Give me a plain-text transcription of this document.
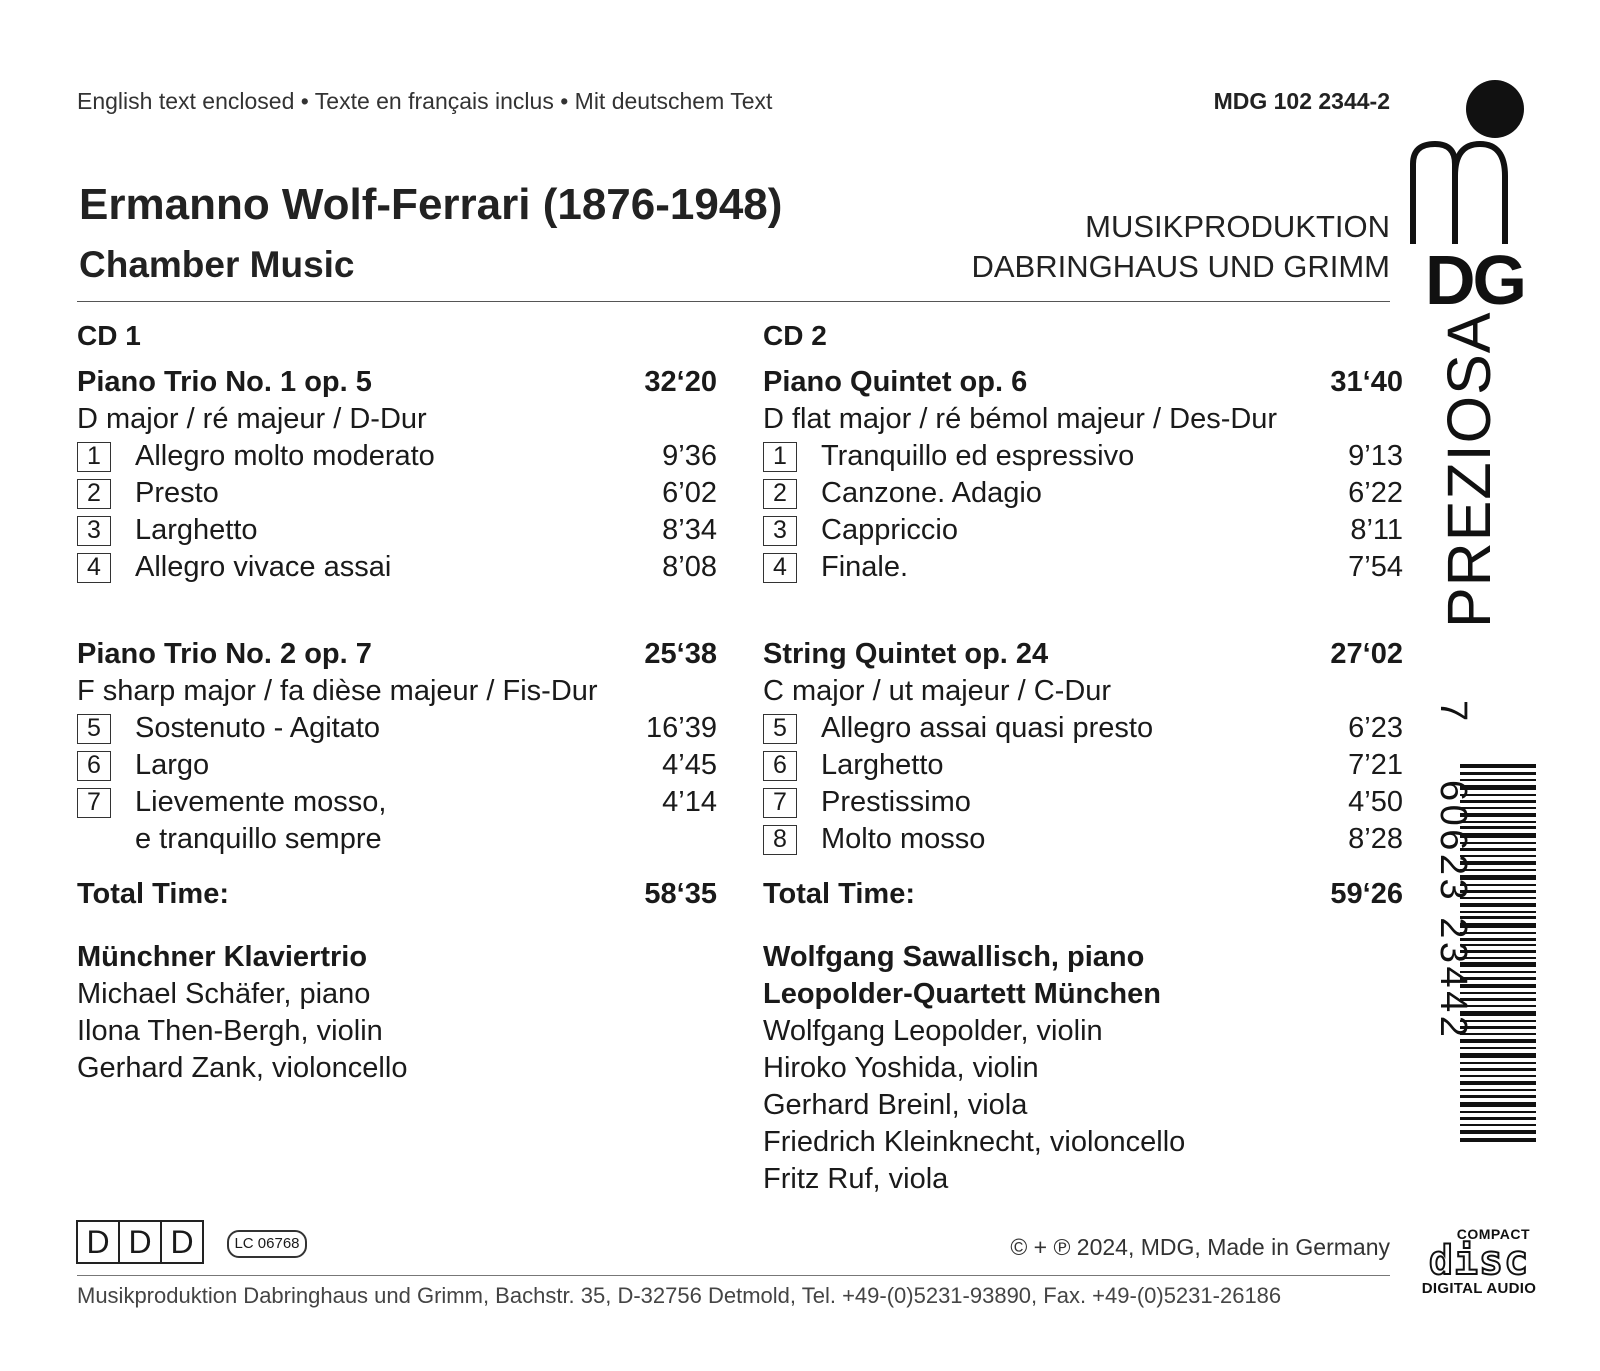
English text enclosed • Texte en français inclus • Mit deutschem Text	MDG 102 2344-2
Ermanno Wolf-Ferrari (1876-1948)
Chamber Music
MUSIKPRODUKTION
DABRINGHAUS UND GRIMM
CD 1
Piano Trio No. 1 op. 5	32‘20
D major / ré majeur / D-Dur
1	Allegro molto moderato	9’36
2	Presto	6’02
3	Larghetto	8’34
4	Allegro vivace assai	8’08
Piano Trio No. 2 op. 7	25‘38
F sharp major / fa dièse majeur / Fis-Dur
5	Sostenuto - Agitato	16’39
6	Largo	4’45
7	Lievemente mosso,	4’14
e tranquillo sempre
Total Time:	58‘35
Münchner Klaviertrio
Michael Schäfer, piano
Ilona Then-Bergh, violin
Gerhard Zank, violoncello
CD 2
Piano Quintet op. 6	31‘40
D flat major / ré bémol majeur / Des-Dur
1	Tranquillo ed espressivo	9’13
2	Canzone. Adagio	6’22
3	Cappriccio	8’11
4	Finale.	7’54
String Quintet op. 24	27‘02
C major / ut majeur / C-Dur
5	Allegro assai quasi presto	6’23
6	Larghetto	7’21
7	Prestissimo	4’50
8	Molto mosso	8’28
Total Time:	59‘26
Wolfgang Sawallisch, piano
Leopolder-Quartett München
Wolfgang Leopolder, violin
Hiroko Yoshida, violin
Gerhard Breinl, viola
Friedrich Kleinknecht, violoncello
Fritz Ruf, viola
DG
PREZIOSA
7
60623 23442
D D D	LC 06768	© + ℗ 2024, MDG, Made in Germany
Musikproduktion Dabringhaus und Grimm, Bachstr. 35, D-32756 Detmold, Tel. +49-(0)5231-93890, Fax. +49-(0)5231-26186
COMPACT
disc
DIGITAL AUDIO
